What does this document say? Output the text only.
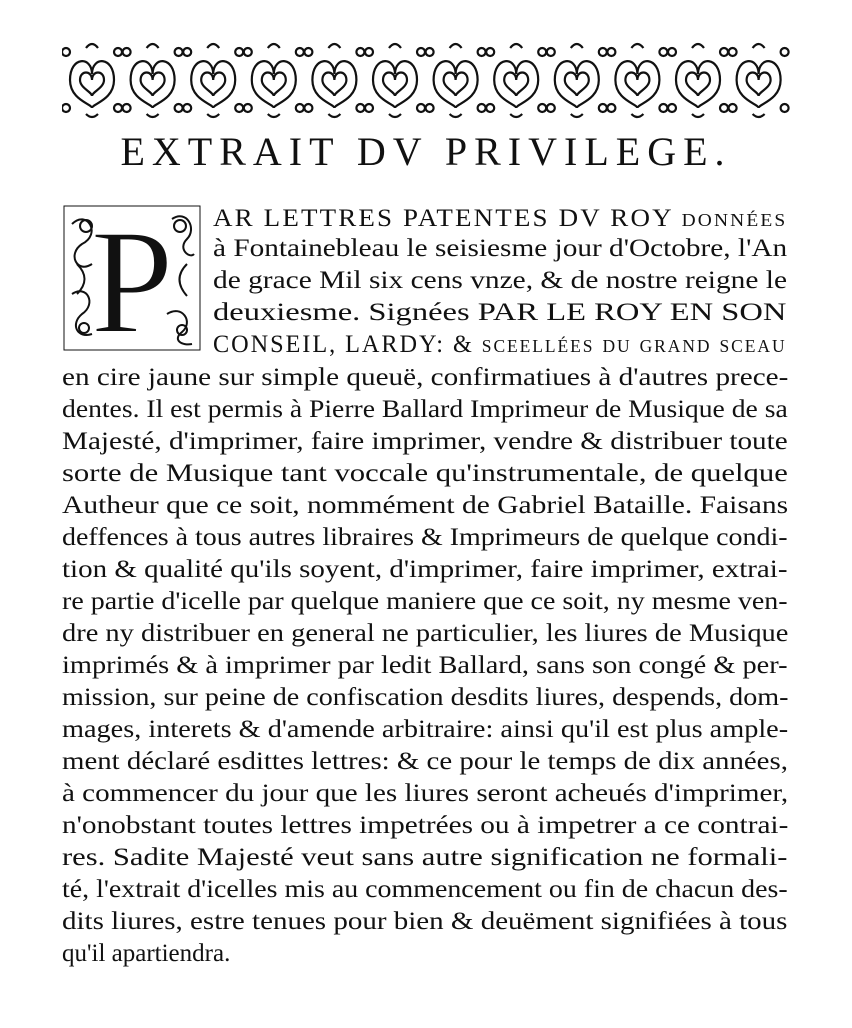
EXTRAIT DV PRIVILEGE.
P AR LETTRES PATENTES DV ROY données
à Fontainebleau le seisiesme jour d'Octobre, l'An
de grace Mil six cens vnze, & de nostre reigne le
deuxiesme. Signées PAR LE ROY EN SON
CONSEIL, LARDY: & sceellées du grand sceau
en cire jaune sur simple queuë, confirmatiues à d'autres prece-
dentes. Il est permis à Pierre Ballard Imprimeur de Musique de sa
Majesté, d'imprimer, faire imprimer, vendre & distribuer toute
sorte de Musique tant voccale qu'instrumentale, de quelque
Autheur que ce soit, nommément de Gabriel Bataille. Faisans
deffences à tous autres libraires & Imprimeurs de quelque condi-
tion & qualité qu'ils soyent, d'imprimer, faire imprimer, extrai-
re partie d'icelle par quelque maniere que ce soit, ny mesme ven-
dre ny distribuer en general ne particulier, les liures de Musique
imprimés & à imprimer par ledit Ballard, sans son congé & per-
mission, sur peine de confiscation desdits liures, despends, dom-
mages, interets & d'amende arbitraire: ainsi qu'il est plus ample-
ment déclaré esdittes lettres: & ce pour le temps de dix années,
à commencer du jour que les liures seront acheués d'imprimer,
n'onobstant toutes lettres impetrées ou à impetrer a ce contrai-
res. Sadite Majesté veut sans autre signification ne formali-
té, l'extrait d'icelles mis au commencement ou fin de chacun des-
dits liures, estre tenues pour bien & deuëment signifiées à tous
qu'il apartiendra.
